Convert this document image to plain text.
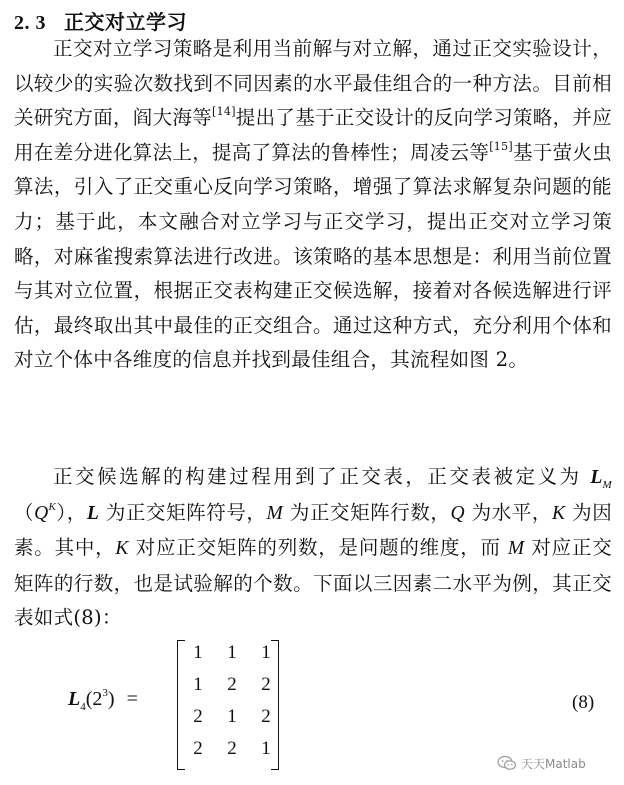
2. 3 正交对立学习

正交对立学习策略是利用当前解与对立解，通过正交实验设计，以较少的实验次数找到不同因素的水平最佳组合的一种方法。目前相关研究方面，阎大海等[14]提出了基于正交设计的反向学习策略，并应用在差分进化算法上，提高了算法的鲁棒性；周凌云等[15]基于萤火虫算法，引入了正交重心反向学习策略，增强了算法求解复杂问题的能力；基于此，本文融合对立学习与正交学习，提出正交对立学习策略，对麻雀搜索算法进行改进。该策略的基本思想是：利用当前位置与其对立位置，根据正交表构建正交候选解，接着对各候选解进行评估，最终取出其中最佳的正交组合。通过这种方式，充分利用个体和对立个体中各维度的信息并找到最佳组合，其流程如图 2。

正交候选解的构建过程用到了正交表，正交表被定义为 $L_M(Q^K)$，L 为正交矩阵符号，M 为正交矩阵行数，Q 为水平，K 为因素。其中，K 对应正交矩阵的列数，是问题的维度，而 M 对应正交矩阵的行数，也是试验解的个数。下面以三因素二水平为例，其正交表如式(8)：

$L_4(2^3)$ =
1 1 1
1 2 2
2 1 2
2 2 1
(8)
天天Matlab
